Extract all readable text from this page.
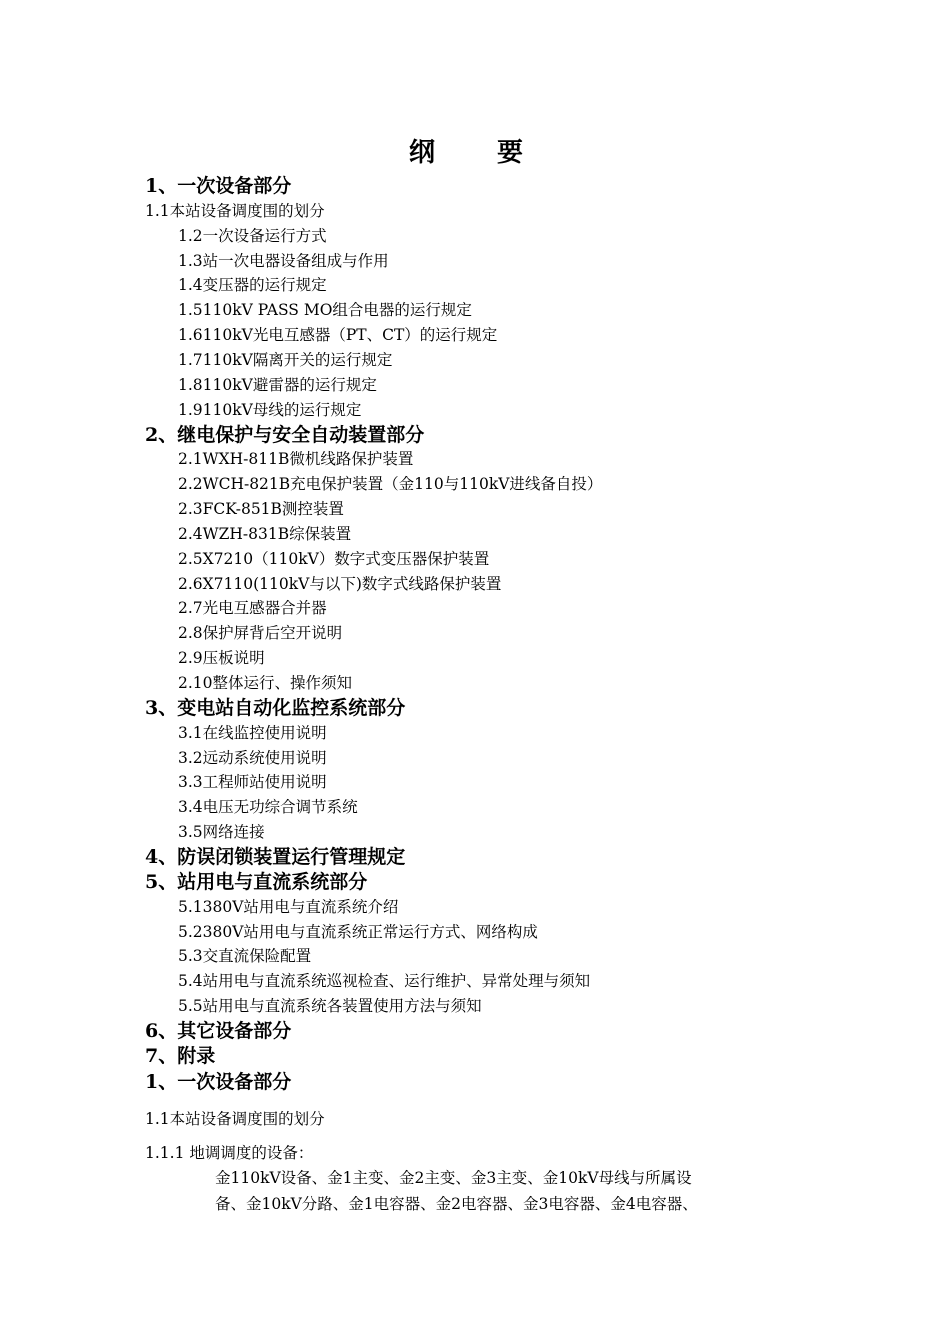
纲　要
1、一次设备部分
1.1本站设备调度围的划分
1.2一次设备运行方式
1.3站一次电器设备组成与作用
1.4变压器的运行规定
1.5110kV PASS MO组合电器的运行规定
1.6110kV光电互感器（PT、CT）的运行规定
1.7110kV隔离开关的运行规定
1.8110kV避雷器的运行规定
1.9110kV母线的运行规定
2、继电保护与安全自动装置部分
2.1WXH-811B微机线路保护装置
2.2WCH-821B充电保护装置（金110与110kV进线备自投）
2.3FCK-851B测控装置
2.4WZH-831B综保装置
2.5X7210（110kV）数字式变压器保护装置
2.6X7110(110kV与以下)数字式线路保护装置
2.7光电互感器合并器
2.8保护屏背后空开说明
2.9压板说明
2.10整体运行、操作须知
3、变电站自动化监控系统部分
3.1在线监控使用说明
3.2远动系统使用说明
3.3工程师站使用说明
3.4电压无功综合调节系统
3.5网络连接
4、防误闭锁装置运行管理规定
5、站用电与直流系统部分
5.1380V站用电与直流系统介绍
5.2380V站用电与直流系统正常运行方式、网络构成
5.3交直流保险配置
5.4站用电与直流系统巡视检查、运行维护、异常处理与须知
5.5站用电与直流系统各装置使用方法与须知
6、其它设备部分
7、附录
1、一次设备部分
1.1本站设备调度围的划分
1.1.1 地调调度的设备：
金110kV设备、金1主变、金2主变、金3主变、金10kV母线与所属设
备、金10kV分路、金1电容器、金2电容器、金3电容器、金4电容器、
